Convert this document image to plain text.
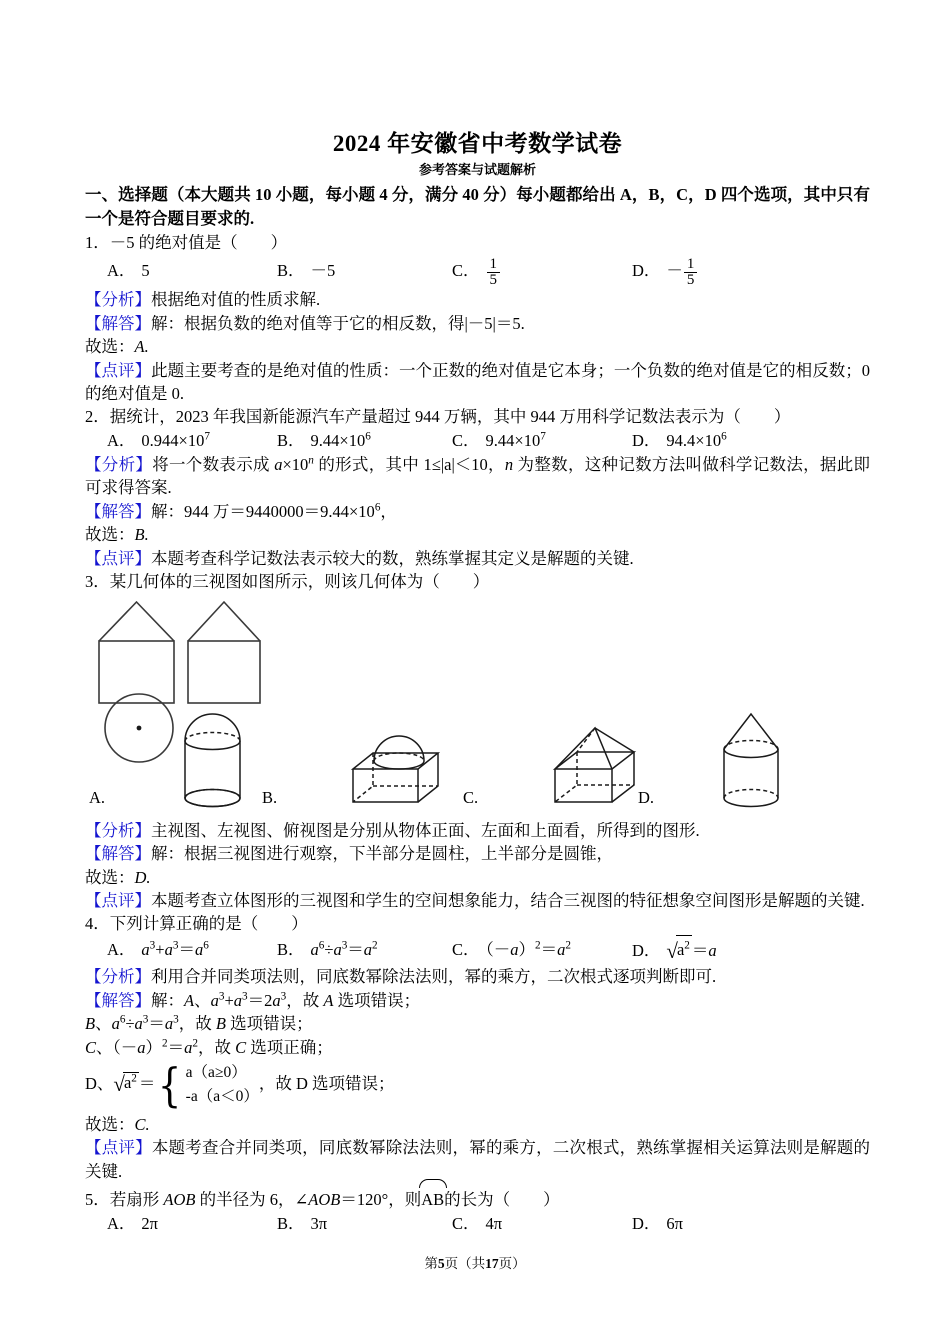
2024 年安徽省中考数学试卷
参考答案与试题解析
一、选择题（本大题共 10 小题，每小题 4 分，满分 40 分）每小题都给出 A，B，C，D 四个选项，其中只有一个是符合题目要求的.
1．－5 的绝对值是（　　）
A． 5	B． －5	C． $\frac{1}{5}$	D． － $\frac{1}{5}$
【分析】根据绝对值的性质求解.
【解答】解：根据负数的绝对值等于它的相反数，得|－5|＝5.
故选：A.
【点评】此题主要考查的是绝对值的性质：一个正数的绝对值是它本身；一个负数的绝对值是它的相反数；0 的绝对值是 0.
2．据统计，2023 年我国新能源汽车产量超过 944 万辆，其中 944 万用科学记数法表示为（　　）
A． $0.944\times 10^7$	B． $9.44\times 10^6$	C． $9.44\times 10^7$	D． $94.4\times 10^6$
【分析】将一个数表示成 $a\times 10^n$ 的形式，其中 1≤|a|＜10，n 为整数，这种记数方法叫做科学记数法，据此即可求得答案.
【解答】解：944 万$=9440000=9.44\times 10^6$，
故选：B.
【点评】本题考查科学记数法表示较大的数，熟练掌握其定义是解题的关键.
3．某几何体的三视图如图所示，则该几何体为（　　）
A.	B.	C.	D.
【分析】主视图、左视图、俯视图是分别从物体正面、左面和上面看，所得到的图形.
【解答】解：根据三视图进行观察，下半部分是圆柱，上半部分是圆锥，
故选：D.
【点评】本题考查立体图形的三视图和学生的空间想象能力，结合三视图的特征想象空间图形是解题的关键.
4．下列计算正确的是（　　）
A． $a^3+a^3=a^6$	B． $a^6\div a^3=a^2$	C． $(-a)^2=a^2$	D． $√a^2 =a$
【分析】利用合并同类项法则，同底数幂除法法则，幂的乘方，二次根式逐项判断即可.
【解答】解：A、$a^3+a^3=2a^3$，故 A 选项错误；
B、$a^6\div a^3=a^3$，故 B 选项错误；
C、$(-a)^2=a^2$，故 C 选项正确；
D、$√a^2$ ＝ { a（a≥0）
-a（a＜0）
，故 D 选项错误；
故选：C.
【点评】本题考查合并同类项，同底数幂除法法则，幂的乘方，二次根式，熟练掌握相关运算法则是解题的关键.
5．若扇形 AOB 的半径为 6，∠AOB＝120°，则
AB的长为（　　）
A． 2π	B． 3π	C． 4π	D． 6π
第5页（共17页）
